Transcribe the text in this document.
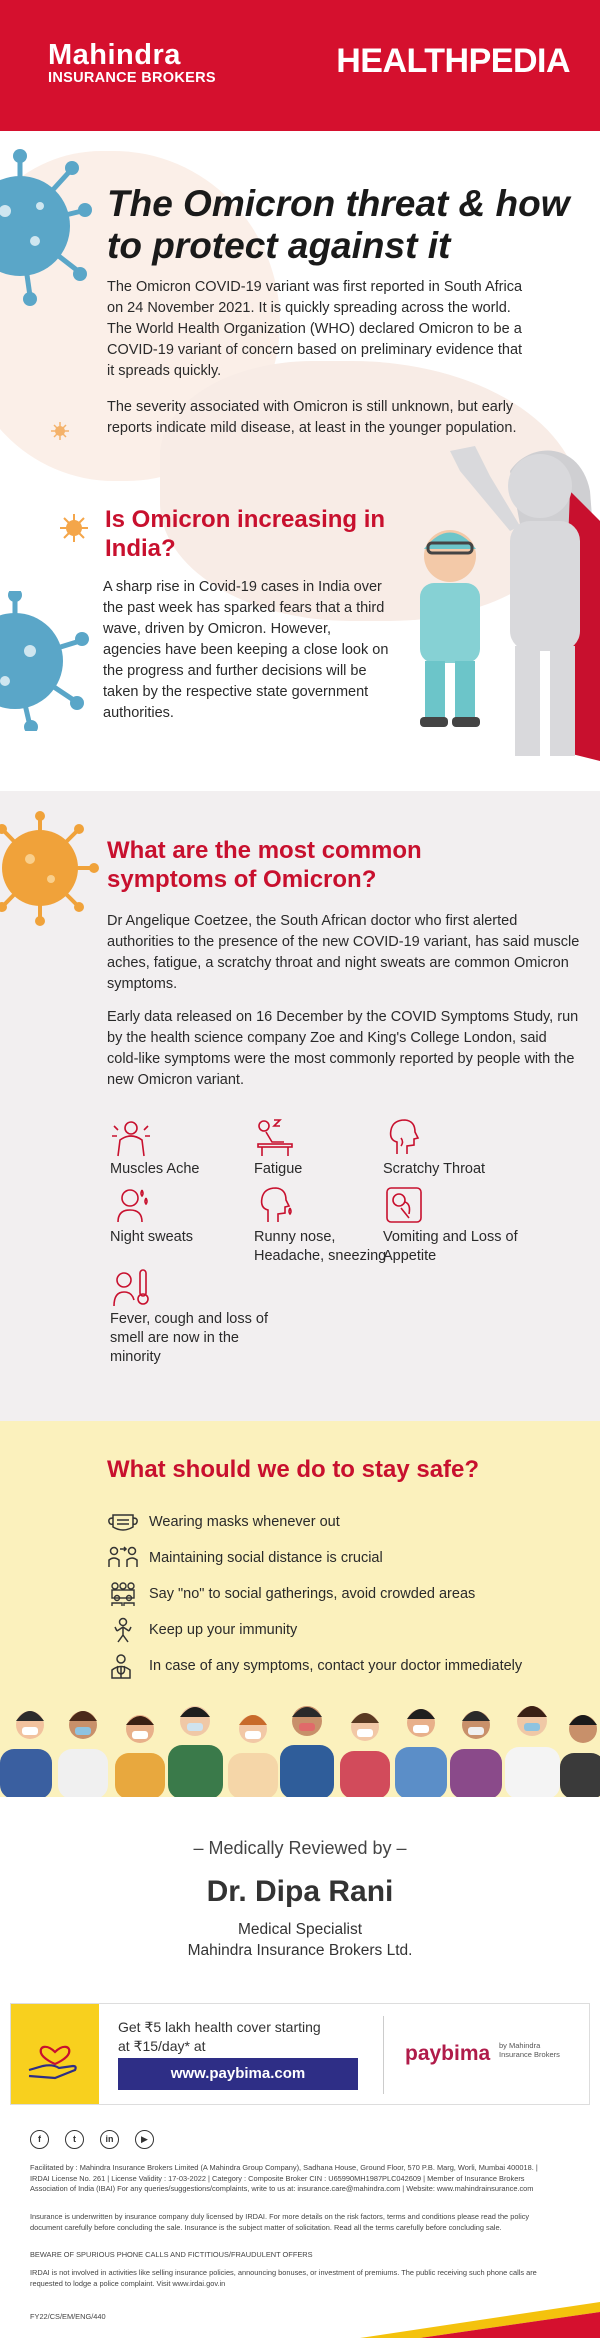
Mahindra
INSURANCE BROKERS	HEALTHPEDIA
The Omicron threat & how to protect against it
The Omicron COVID-19 variant was first reported in South Africa on 24 November 2021. It is quickly spreading across the world. The World Health Organization (WHO) declared Omicron to be a COVID-19 variant of concern based on preliminary evidence that it spreads quickly.
The severity associated with Omicron is still unknown, but early reports indicate mild disease, at least in the younger population.
Is Omicron increasing in India?
A sharp rise in Covid-19 cases in India over the past week has sparked fears that a third wave, driven by Omicron. However, agencies have been keeping a close look on the progress and further decisions will be taken by the respective state government authorities.
What are the most common symptoms of Omicron?
Dr Angelique Coetzee, the South African doctor who first alerted authorities to the presence of the new COVID-19 variant, has said muscle aches, fatigue, a scratchy throat and night sweats are common Omicron symptoms.
Early data released on 16 December by the COVID Symptoms Study, run by the health science company Zoe and King's College London, said cold-like symptoms were the most commonly reported by people with the new Omicron variant.
Muscles Ache	Fatigue	Scratchy Throat
Night sweats	Runny nose, Headache, sneezing
Vomiting and Loss of Appetite
Fever, cough and loss of smell are now in the minority
What should we do to stay safe?
Wearing masks whenever out
Maintaining social distance is crucial
Say "no" to social gatherings, avoid crowded areas
Keep up your immunity
In case of any symptoms, contact your doctor immediately
– Medically Reviewed by –
Dr. Dipa Rani
Medical Specialist
Mahindra Insurance Brokers Ltd.
Get ₹5 lakh health cover starting
at ₹15/day* at
www.paybima.com
paybima by Mahindra Insurance Brokers
f	t	in	▶
Facilitated by : Mahindra Insurance Brokers Limited (A Mahindra Group Company), Sadhana House, Ground Floor, 570 P.B. Marg, Worli, Mumbai 400018. | IRDAI License No. 261 | License Validity : 17-03-2022 | Category : Composite Broker CIN : U65990MH1987PLC042609 | Member of Insurance Brokers Association of India (IBAI) For any queries/suggestions/complaints, write to us at: insurance.care@mahindra.com | Website: www.mahindrainsurance.com
Insurance is underwritten by insurance company duly licensed by IRDAI. For more details on the risk factors, terms and conditions please read the policy document carefully before concluding the sale. Insurance is the subject matter of solicitation. Read all the terms carefully before concluding sale.
BEWARE OF SPURIOUS PHONE CALLS AND FICTITIOUS/FRAUDULENT OFFERS
IRDAI is not involved in activities like selling insurance policies, announcing bonuses, or investment of premiums. The public receiving such phone calls are requested to lodge a police complaint. Visit www.irdai.gov.in
FY22/CS/EM/ENG/440
